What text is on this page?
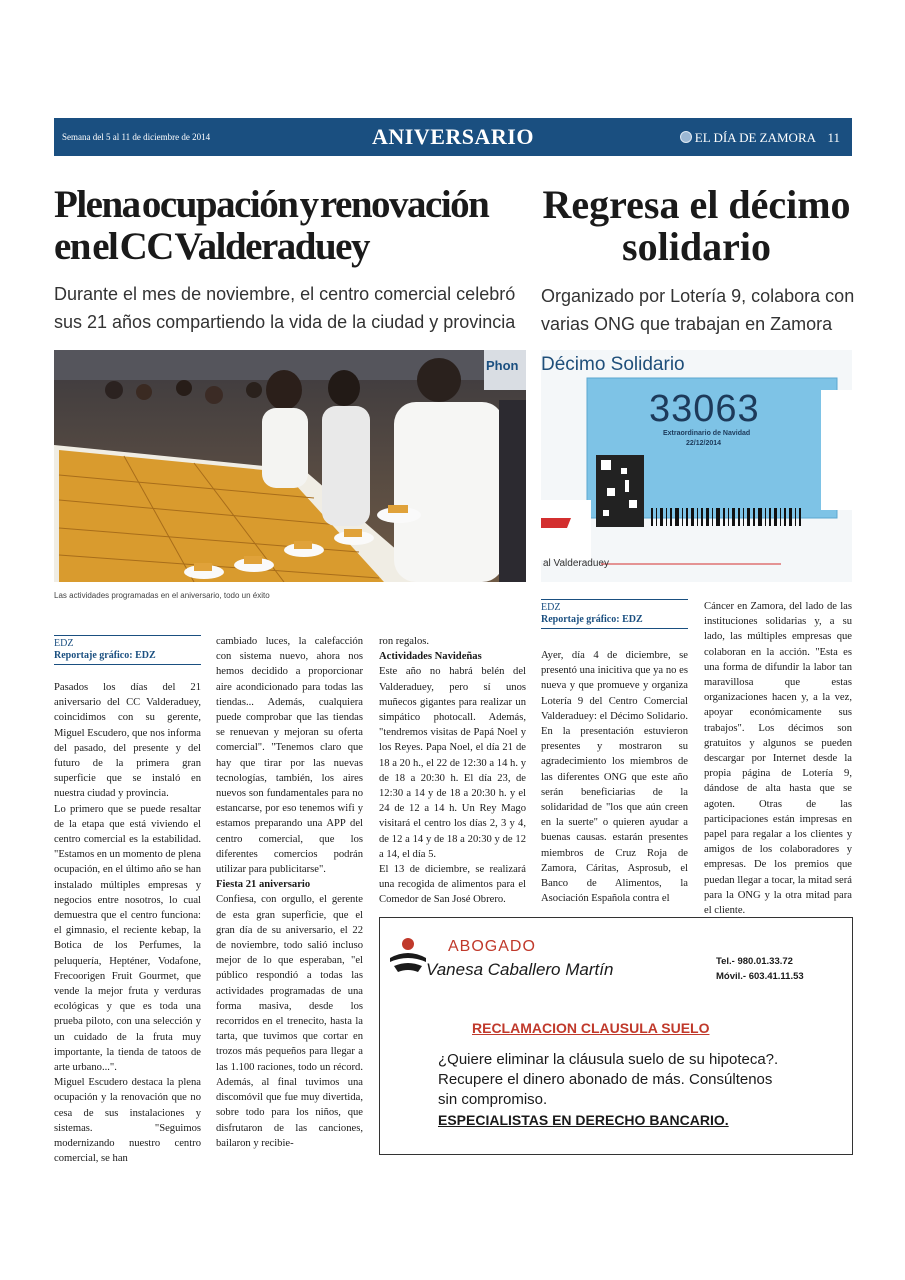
Semana del 5 al 11 de diciembre de 2014	ANIVERSARIO	EL DÍA DE ZAMORA 11
Plena ocupación y renovación
en el CC Valderaduey
Durante el mes de noviembre, el centro comercial celebró sus 21 años compartiendo la vida de la ciudad y provincia
Regresa el décimo
solidario
Organizado por Lotería 9, colabora con varias ONG que trabajan en Zamora
Phon
Las actividades programadas en el aniversario, todo un éxito
Décimo Solidario
33063
Extraordinario de Navidad
22/12/2014
al Valderaduey
EDZ
Reportaje gráfico: EDZ

Pasados los días del 21 aniversario del CC Valderaduey, coincidimos con su gerente, Miguel Escudero, que nos informa del pasado, del presente y del futuro de la primera gran superficie que se instaló en nuestra ciudad y provincia.

Lo primero que se puede resaltar de la etapa que está viviendo el centro comercial es la estabilidad. "Estamos en un momento de plena ocupación, en el último año se han instalado múltiples empresas y negocios entre nosotros, lo cual demuestra que el centro funciona: el gimnasio, el reciente kebap, la Botica de los Perfumes, la peluquería, Hepténer, Vodafone, Frecoorigen Fruit Gourmet, que vende la mejor fruta y verduras ecológicas y que es toda una prueba piloto, con una selección y un cuidado de la fruta muy importante, la tienda de tatoos de arte urbano...".

Miguel Escudero destaca la plena ocupación y la renovación que no cesa de sus instalaciones y sistemas. "Seguimos modernizando nuestro centro comercial, se han

cambiado luces, la calefacción con sistema nuevo, ahora nos hemos decidido a proporcionar aire acondicionado para todas las tiendas... Además, cualquiera puede comprobar que las tiendas se renuevan y mejoran su oferta comercial". "Tenemos claro que hay que tirar por las nuevas tecnologías, también, los aires nuevos son fundamentales para no estancarse, por eso tenemos wifi y estamos preparando una APP del centro comercial, que los diferentes comercios podrán utilizar para publicitarse".

Fiesta 21 aniversario

Confiesa, con orgullo, el gerente de esta gran superficie, que el gran día de su aniversario, el 22 de noviembre, todo salió incluso mejor de lo que esperaban, "el público respondió a todas las actividades programadas de una forma masiva, desde los recorridos en el trenecito, hasta la tarta, que tuvimos que cortar en trozos más pequeños para llegar a las 1.100 raciones, todo un récord. Además, al final tuvimos una discomóvil que fue muy divertida, sobre todo para los niños, que disfrutaron de las canciones, bailaron y recibie-

ron regalos.

Actividades Navideñas

Este año no habrá belén del Valderaduey, pero sí unos muñecos gigantes para realizar un simpático photocall. Además, "tendremos visitas de Papá Noel y los Reyes. Papa Noel, el día 21 de 18 a 20 h., el 22 de 12:30 a 14 h. y de 18 a 20:30 h. El día 23, de 12:30 a 14 y de 18 a 20:30 h. y el 24 de 12 a 14 h. Un Rey Mago visitará el centro los días 2, 3 y 4, de 12 a 14 y de 18 a 20:30 y de 12 a 14, el día 5.

El 13 de diciembre, se realizará una recogida de alimentos para el Comedor de San José Obrero.

EDZ
Reportaje gráfico: EDZ

Ayer, día 4 de diciembre, se presentó una inicitiva que ya no es nueva y que promueve y organiza Lotería 9 del Centro Comercial Valderaduey: el Décimo Solidario. En la presentación estuvieron presentes y mostraron su agradecimiento los miembros de las diferentes ONG que este año serán beneficiarias de la solidaridad de "los que aún creen en la suerte" o quieren ayudar a buenas causas. estarán presentes miembros de Cruz Roja de Zamora, Cáritas, Asprosub, el Banco de Alimentos, la Asociación Española contra el

Cáncer en Zamora, del lado de las instituciones solidarias y, a su lado, las múltiples empresas que colaboran en la acción. "Esta es una forma de difundir la labor tan maravillosa que estas organizaciones hacen y, a la vez, apoyar económicamente sus trabajos". Los décimos son gratuitos y algunos se pueden descargar por Internet desde la propia página de Lotería 9, dándose de alta hasta que se agoten. Otras de las participaciones están impresas en papel para regalar a los clientes y amigos de los colaboradores y empresas. De los premios que puedan llegar a tocar, la mitad será para la ONG y la otra mitad para el cliente.

ABOGADO
Vanesa Caballero Martín	Tel.- 980.01.33.72
Móvil.- 603.41.11.53
RECLAMACION CLAUSULA SUELO
¿Quiere eliminar la cláusula suelo de su hipoteca?. Recupere el dinero abonado de más. Consúltenos sin compromiso.
ESPECIALISTAS EN DERECHO BANCARIO.
